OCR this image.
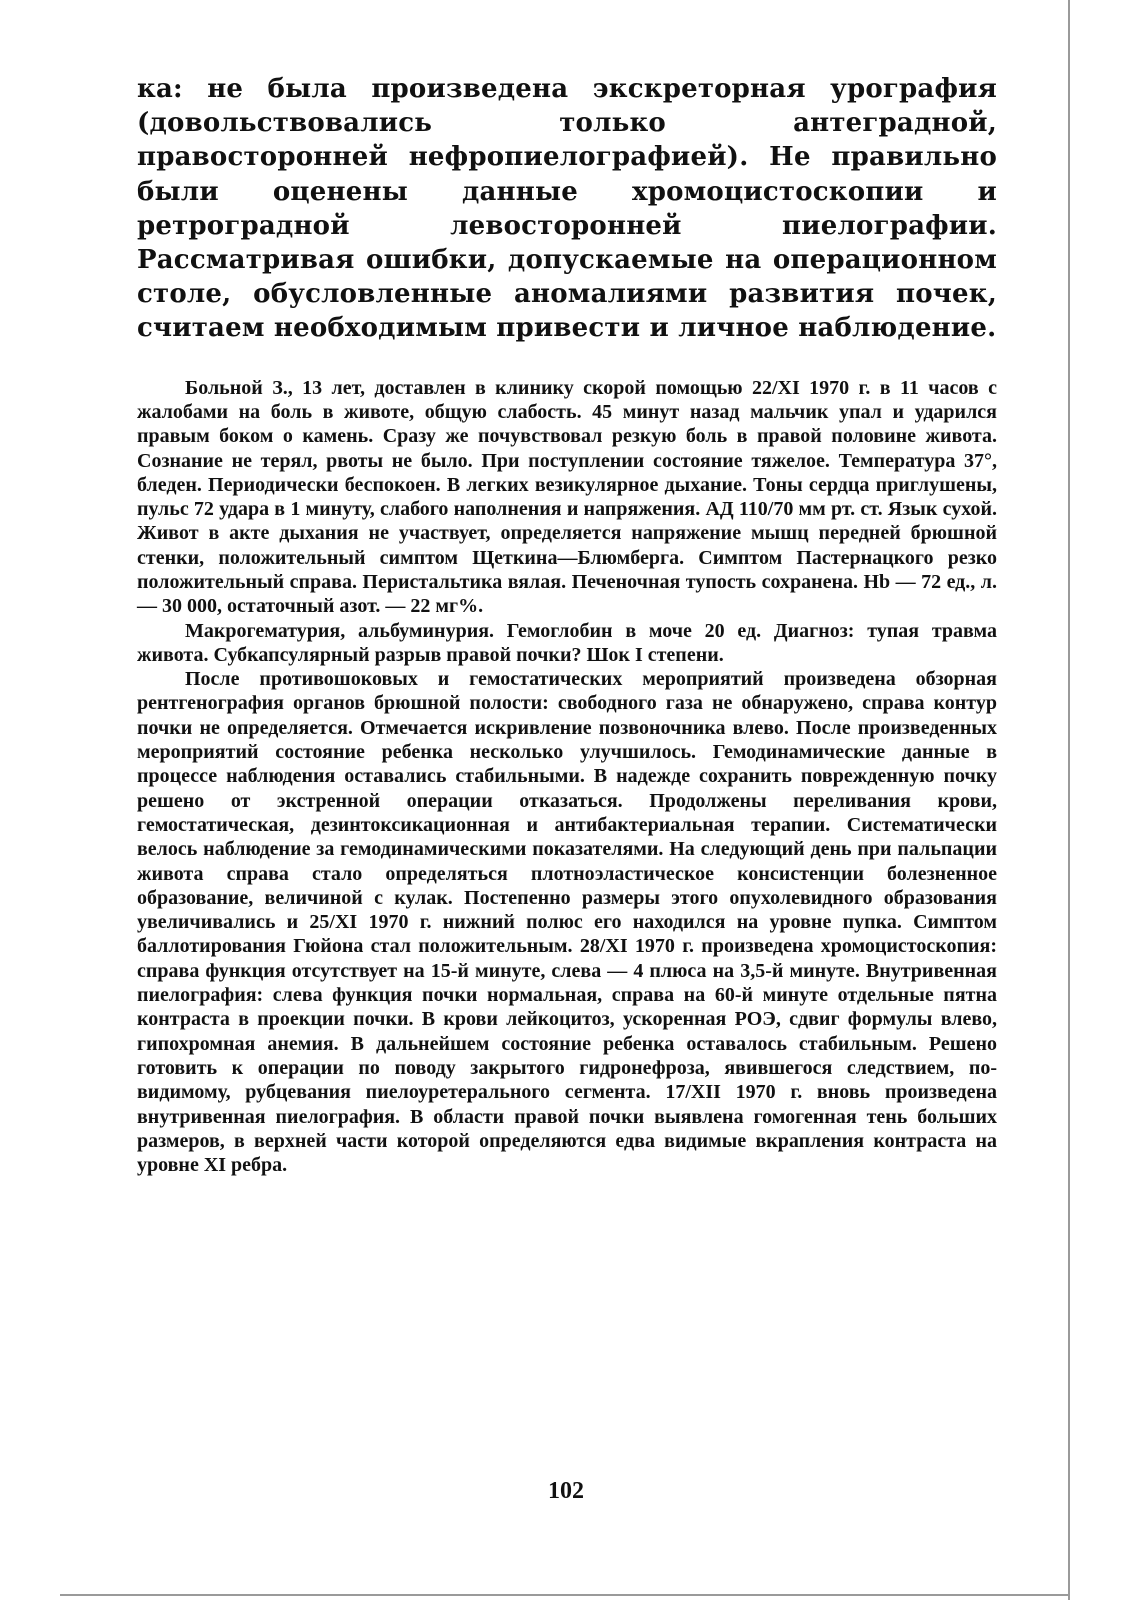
ка: не была произведена экскреторная урография (довольствовались только антеградной, правосторонней нефропиелографией). Не правильно были оценены данные хромоцистоскопии и ретроградной левосторонней пиелографии. Рассматривая ошибки, допускаемые на операционном столе, обусловленные аномалиями развития почек, считаем необходимым привести и личное наблюдение.

Больной З., 13 лет, доставлен в клинику скорой помощью 22/XI 1970 г. в 11 часов с жалобами на боль в животе, общую слабость. 45 минут назад мальчик упал и ударился правым боком о камень. Сразу же почувствовал резкую боль в правой половине живота. Сознание не терял, рвоты не было. При поступлении состояние тяжелое. Температура 37°, бледен. Периодически беспокоен. В легких везикулярное дыхание. Тоны сердца приглушены, пульс 72 удара в 1 минуту, слабого наполнения и напряжения. АД 110/70 мм рт. ст. Язык сухой. Живот в акте дыхания не участвует, определяется напряжение мышц передней брюшной стенки, положительный симптом Щеткина—Блюмберга. Симптом Пастернацкого резко положительный справа. Перистальтика вялая. Печеночная тупость сохранена. Hb — 72 ед., л. — 30 000, остаточный азот. — 22 мг%.

Макрогематурия, альбуминурия. Гемоглобин в моче 20 ед. Диагноз: тупая травма живота. Субкапсулярный разрыв правой почки? Шок I степени.

После противошоковых и гемостатических мероприятий произведена обзорная рентгенография органов брюшной полости: свободного газа не обнаружено, справа контур почки не определяется. Отмечается искривление позвоночника влево. После произведенных мероприятий состояние ребенка несколько улучшилось. Гемодинамические данные в процессе наблюдения оставались стабильными. В надежде сохранить поврежденную почку решено от экстренной операции отказаться. Продолжены переливания крови, гемостатическая, дезинтоксикационная и антибактериальная терапии. Систематически велось наблюдение за гемодинамическими показателями. На следующий день при пальпации живота справа стало определяться плотноэластическое консистенции болезненное образование, величиной с кулак. Постепенно размеры этого опухолевидного образования увеличивались и 25/XI 1970 г. нижний полюс его находился на уровне пупка. Симптом баллотирования Гюйона стал положительным. 28/XI 1970 г. произведена хромоцистоскопия: справа функция отсутствует на 15-й минуте, слева — 4 плюса на 3,5-й минуте. Внутривенная пиелография: слева функция почки нормальная, справа на 60-й минуте отдельные пятна контраста в проекции почки. В крови лейкоцитоз, ускоренная РОЭ, сдвиг формулы влево, гипохромная анемия. В дальнейшем состояние ребенка оставалось стабильным. Решено готовить к операции по поводу закрытого гидронефроза, явившегося следствием, по-видимому, рубцевания пиелоуретерального сегмента. 17/XII 1970 г. вновь произведена внутривенная пиелография. В области правой почки выявлена гомогенная тень больших размеров, в верхней части которой определяются едва видимые вкрапления контраста на уровне XI ребра.

102
